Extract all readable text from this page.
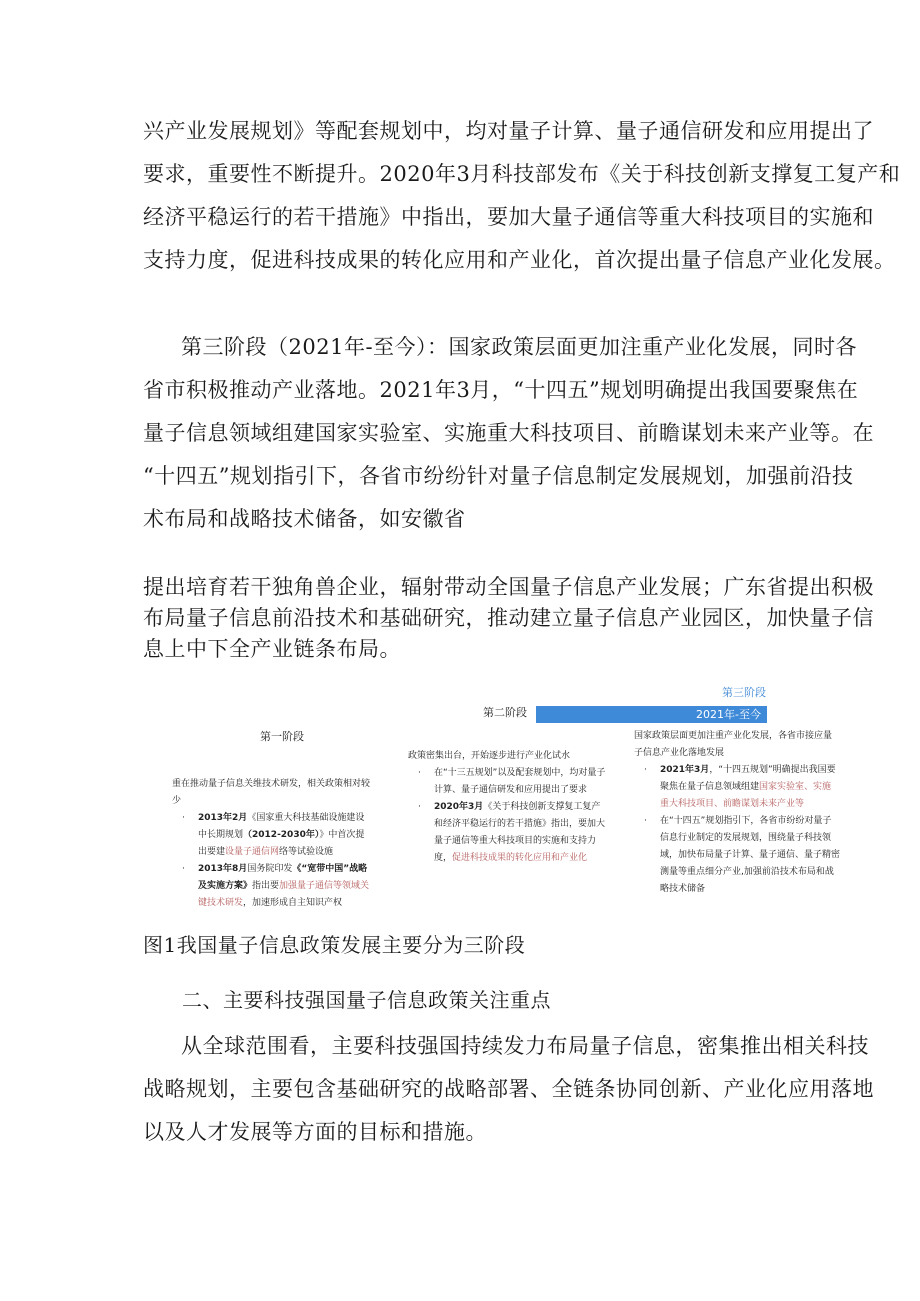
兴产业发展规划》等配套规划中，均对量子计算、量子通信研发和应用提出了
要求，重要性不断提升。2020年3月科技部发布《关于科技创新支撑复工复产和
经济平稳运行的若干措施》中指出，要加大量子通信等重大科技项目的实施和
支持力度，促进科技成果的转化应用和产业化，首次提出量子信息产业化发展。
第三阶段（2021年-至今）：国家政策层面更加注重产业化发展，同时各
省市积极推动产业落地。2021年3月，“十四五”规划明确提出我国要聚焦在
量子信息领域组建国家实验室、实施重大科技项目、前瞻谋划未来产业等。在
“十四五”规划指引下，各省市纷纷针对量子信息制定发展规划，加强前沿技
术布局和战略技术储备，如安徽省
提出培育若干独角兽企业，辐射带动全国量子信息产业发展；广东省提出积极
布局量子信息前沿技术和基础研究，推动建立量子信息产业园区，加快量子信
息上中下全产业链条布局。
第一阶段
第二阶段
第三阶段
2021年-至今

重在推动量子信息关维技术研发，相关政策相对较少

· 2013年2月《国家重大科技基础设施建设中长期规划（2012-2030年）》中首次提出要建设量子通信网络等试验设施
· 2013年8月国务院印发《“宽带中国”战略及实施方案》指出要加强量子通信等领域关键技术研发，加速形成自主知识产权

政策密集出台，开始逐步进行产业化试水

· 在“十三五规划”以及配套规划中，均对量子计算、量子通信研发和应用提出了要求
· 2020年3月《关于科技创新支撑复工复产和经济平稳运行的若干措施》指出，要加大量子通信等重大科技项目的实施和支持力度，促进科技成果的转化应用和产业化

国家政策层面更加注重产业化发展，各省市接应量子信息产业化落地发展

· 2021年3月，“十四五规划”明确提出我国要聚焦在量子信息领域组建国家实验室、实施重大科技项目、前瞻谋划未来产业等
· 在“十四五”规划指引下，各省市纷纷对量子信息行业制定的发展规划，围绕量子科技领域，加快布局量子计算、量子通信、量子精密测量等重点细分产业,加强前沿技术布局和战略技术储备
图1我国量子信息政策发展主要分为三阶段
二、主要科技强国量子信息政策关注重点
从全球范围看，主要科技强国持续发力布局量子信息，密集推出相关科技
战略规划，主要包含基础研究的战略部署、全链条协同创新、产业化应用落地
以及人才发展等方面的目标和措施。
